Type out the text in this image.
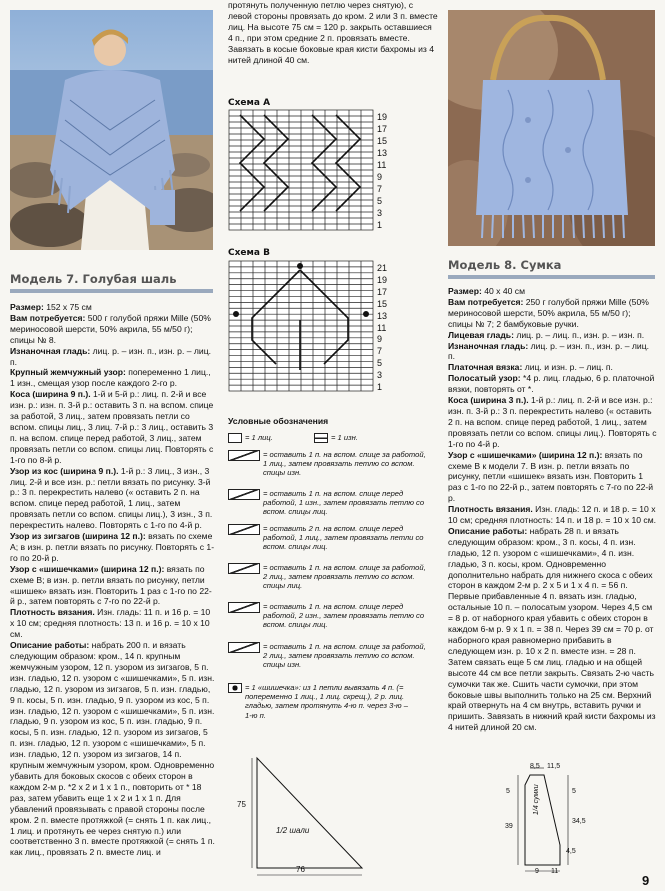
Модель 7. Голубая шаль

Размер: 152 x 75 см

Вам потребуется: 500 г голубой пряжи Mille (50% мериносовой шерсти, 50% акрила, 55 м/50 г); спицы № 8.

Изнаночная гладь: лиц. р. – изн. п., изн. р. – лиц. п.

Крупный жемчужный узор: попеременно 1 лиц., 1 изн., смещая узор после каждого 2-го р.

Коса (ширина 9 п.). 1-й и 5-й р.: лиц. п. 2-й и все изн. р.: изн. п. 3-й р.: оставить 3 п. на вспом. спице за работой, 3 лиц., затем провязать петли со вспом. спицы лиц., 3 лиц. 7-й р.: 3 лиц., оставить 3 п. на вспом. спице перед работой, 3 лиц., затем провязать петли со вспом. спицы лиц. Повторять с 1-го по 8-й р.

Узор из кос (ширина 9 п.). 1-й р.: 3 лиц., 3 изн., 3 лиц. 2-й и все изн. р.: петли вязать по рисунку. 3-й р.: 3 п. перекрестить налево (« оставить 2 п. на вспом. спице перед работой, 1 лиц., затем провязать петли со вспом. спицы лиц.), 3 изн., 3 п. перекрестить налево. Повторять с 1-го по 4-й р.

Узор из зигзагов (ширина 12 п.): вязать по схеме А; в изн. р. петли вязать по рисунку. Повторять с 1-го по 20-й р.

Узор с «шишечками» (ширина 12 п.): вязать по схеме В; в изн. р. петли вязать по рисунку, петли «шишек» вязать изн. Повторить 1 раз с 1-го по 22-й р., затем повторять с 7-го по 22-й р.

Плотность вязания. Изн. гладь: 11 п. и 16 р. = 10 х 10 см; средняя плотность: 13 п. и 16 р. = 10 х 10 см.

Описание работы: набрать 200 п. и вязать следующим образом: кром., 14 п. крупным жемчужным узором, 12 п. узором из зигзагов, 5 п. изн. гладью, 12 п. узором с «шишечками», 5 п. изн. гладью, 12 п. узором из зигзагов, 5 п. изн. гладью, 9 п. косы, 5 п. изн. гладью, 9 п. узором из кос, 5 п. изн. гладью, 12 п. узором с «шишечками», 5 п. изн. гладью, 9 п. узором из кос, 5 п. изн. гладью, 9 п. косы, 5 п. изн. гладью, 12 п. узором из зигзагов, 5 п. изн. гладью, 12 п. узором с «шишечками», 5 п. изн. гладью, 12 п. узором из зигзагов, 14 п. крупным жемчужным узором, кром. Одновременно убавить для боковых скосов с обеих сторон в каждом 2-м р. *2 х 2 и 1 х 1 п., повторить от * 18 раз, затем убавить еще 1 х 2 и 1 х 1 п. Для убавлений провязывать с правой стороны после кром. 2 п. вместе протяжкой (= снять 1 п. как лиц., 1 лиц. и протянуть ее через снятую п.) или соответственно 3 п. вместе протяжкой (= снять 1 п. как лиц., провязать 2 п. вместе лиц. и

протянуть полученную петлю через снятую), с левой стороны провязать до кром. 2 или 3 п. вместе лиц. На высоте 75 см = 120 р. закрыть оставшиеся 4 п., при этом средние 2 п. провязать вместе. Завязать в косые боковые края кисти бахромы из 4 нитей длиной 40 см.
Схема А
19
17
15
13
11
9
7
5
3
1
Схема В
21
19
17
15
13
11
9
7
5
3
1
Условные обозначения
= 1 лиц.	= 1 изн.
= оставить 1 п. на вспом. спице за работой, 1 лиц., затем провязать петлю со вспом. спицы изн.
= оставить 1 п. на вспом. спице перед работой, 1 изн., затем провязать петлю со вспом. спицы лиц.
= оставить 2 п. на вспом. спице перед работой, 1 лиц., затем провязать петли со вспом. спицы лиц.
= оставить 1 п. на вспом. спице за работой, 2 лиц., затем провязать петлю со вспом. спицы лиц.
= оставить 1 п. на вспом. спице перед работой, 2 изн., затем провязать петлю со вспом. спицы лиц.
= оставить 1 п. на вспом. спице за работой, 2 лиц., затем провязать петлю со вспом. спицы изн.
= 1 «шишечка»: из 1 петли вывязать 4 п. (= попеременно 1 лиц., 1 лиц. скрещ.), 2 р. лиц. гладью, затем протянуть 4-ю п. через 3-ю – 1-ю п.
75
76
1/2 шали
Модель 8. Сумка

Размер: 40 х 40 см

Вам потребуется: 250 г голубой пряжи Mille (50% мериносовой шерсти, 50% акрила, 55 м/50 г); спицы № 7; 2 бамбуковые ручки.

Лицевая гладь: лиц. р. – лиц. п., изн. р. – изн. п.

Изнаночная гладь: лиц. р. – изн. п., изн. р. – лиц. п.

Платочная вязка: лиц. и изн. р. – лиц. п.

Полосатый узор: *4 р. лиц. гладью, 6 р. платочной вязки, повторять от *.

Коса (ширина 3 п.). 1-й р.: лиц. п. 2-й и все изн. р.: изн. п. 3-й р.: 3 п. перекрестить налево (« оставить 2 п. на вспом. спице перед работой, 1 лиц., затем провязать петли со вспом. спицы лиц.). Повторять с 1-го по 4-й р.

Узор с «шишечками» (ширина 12 п.): вязать по схеме В к модели 7. В изн. р. петли вязать по рисунку, петли «шишек» вязать изн. Повторить 1 раз с 1-го по 22-й р., затем повторять с 7-го по 22-й р.

Плотность вязания. Изн. гладь: 12 п. и 18 р. = 10 х 10 см; средняя плотность: 14 п. и 18 р. = 10 х 10 см.

Описание работы: набрать 28 п. и вязать следующим образом: кром., 3 п. косы, 4 п. изн. гладью, 12 п. узором с «шишечками», 4 п. изн. гладью, 3 п. косы, кром. Одновременно дополнительно набрать для нижнего скоса с обеих сторон в каждом 2-м р. 2 х 5 и 1 х 4 п. = 56 п. Первые прибавленные 4 п. вязать изн. гладью, остальные 10 п. – полосатым узором. Через 4,5 см = 8 р. от наборного края убавить с обеих сторон в каждом 6-м р. 9 х 1 п. = 38 п. Через 39 см = 70 р. от наборного края равномерно прибавить в следующем изн. р. 10 х 2 п. вместе изн. = 28 п. Затем связать еще 5 см лиц. гладью и на общей высоте 44 см все петли закрыть. Связать 2-ю часть сумочки так же. Сшить части сумочки, при этом боковые швы выполнить только на 25 см. Верхний край отвернуть на 4 см внутрь, вставить ручки и пришить. Завязать в нижний край кисти бахромы из 4 нитей длиной 20 см.

8,5 11,5
5
39
5
34,5
4,5
9 11
1/4 сумки
9
